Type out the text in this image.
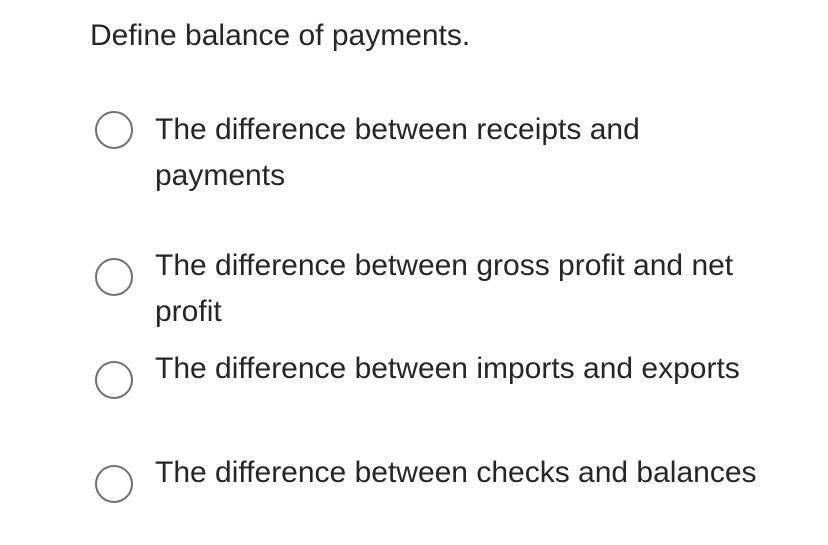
Define balance of payments.
The difference between receipts and payments
The difference between gross profit and net profit
The difference between imports and exports
The difference between checks and balances
